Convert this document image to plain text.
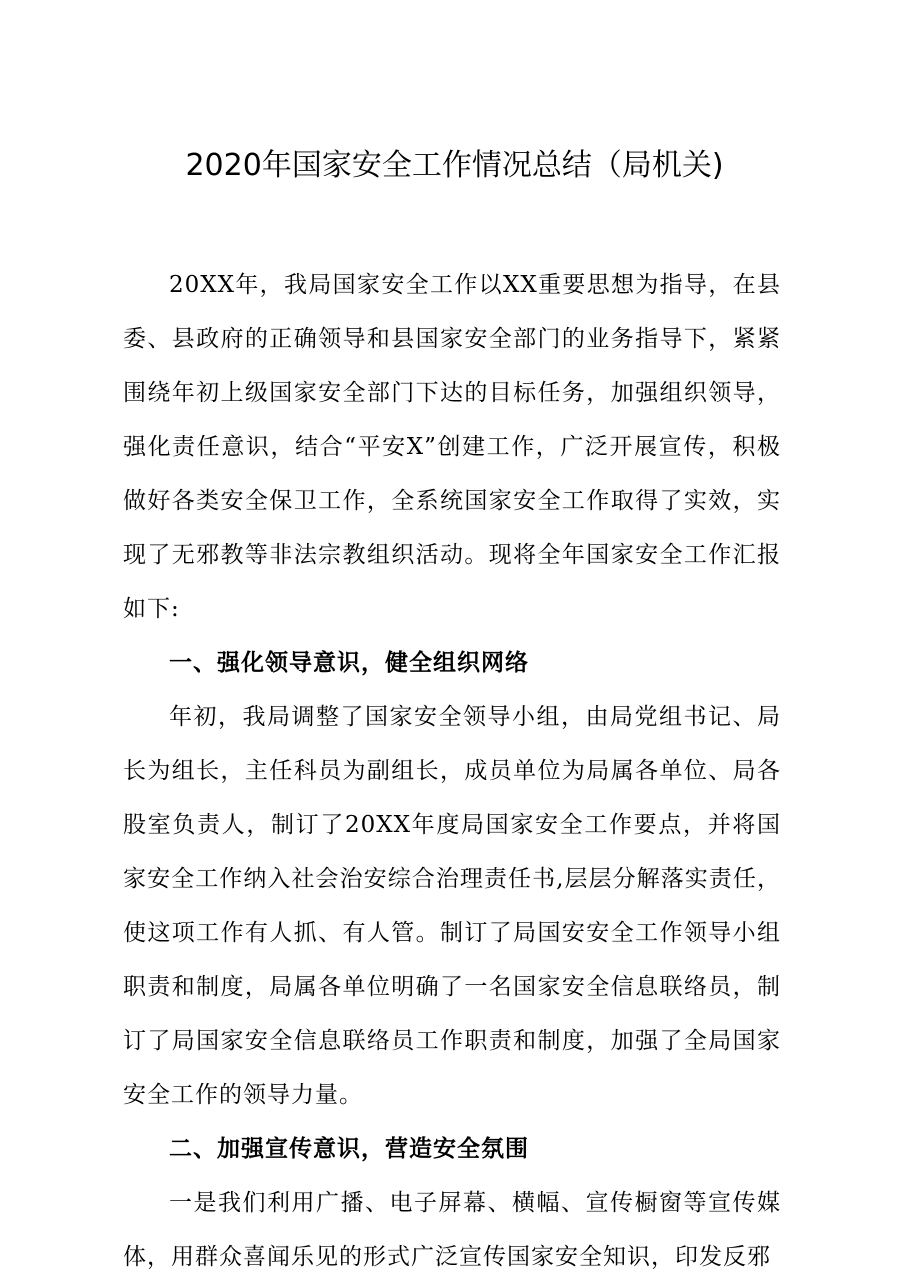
2020年国家安全工作情况总结（局机关)

20XX年，我局国家安全工作以XX重要思想为指导，在县委、县政府的正确领导和县国家安全部门的业务指导下，紧紧围绕年初上级国家安全部门下达的目标任务，加强组织领导，强化责任意识，结合“平安X”创建工作，广泛开展宣传，积极做好各类安全保卫工作，全系统国家安全工作取得了实效，实现了无邪教等非法宗教组织活动。现将全年国家安全工作汇报如下:

一、强化领导意识，健全组织网络

年初，我局调整了国家安全领导小组，由局党组书记、局长为组长，主任科员为副组长，成员单位为局属各单位、局各股室负责人，制订了20XX年度局国家安全工作要点，并将国家安全工作纳入社会治安综合治理责任书,层层分解落实责任，使这项工作有人抓、有人管。制订了局国安安全工作领导小组职责和制度，局属各单位明确了一名国家安全信息联络员，制订了局国家安全信息联络员工作职责和制度，加强了全局国家安全工作的领导力量。

二、加强宣传意识，营造安全氛围

一是我们利用广播、电子屏幕、横幅、宣传橱窗等宣传媒体，用群众喜闻乐见的形式广泛宣传国家安全知识，印发反邪
